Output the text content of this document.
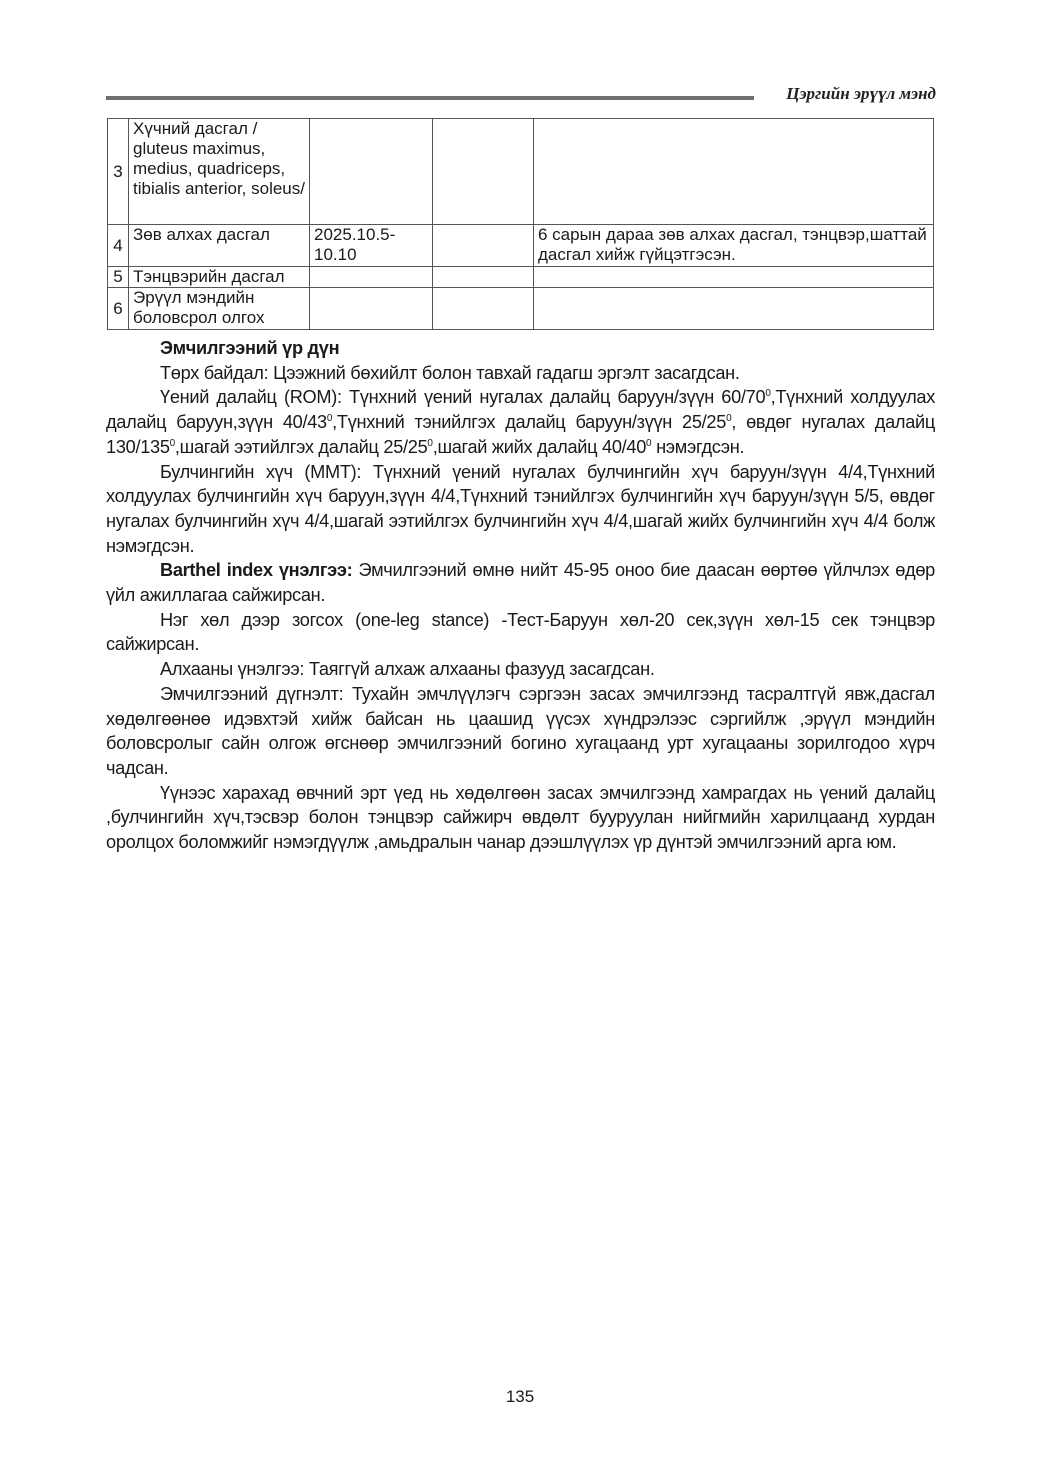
Цэргийн эрүүл мэнд
3	Хүчний дасгал / gluteus maximus, medius, quadriceps, tibialis anterior, soleus/			
4	Зөв алхах дасгал	2025.10.5-10.10		6 сарын дараа зөв алхах дасгал, тэнцвэр,шаттай дасгал хийж гүйцэтгэсэн.
5	Тэнцвэрийн дасгал			
6	Эрүүл мэндийн боловсрол олгох			

Эмчилгээний үр дүн

Төрх байдал: Цээжний бөхийлт болон тавхай гадагш эргэлт засагдсан.

Үений далайц (ROM): Түнхний үений нугалах далайц баруун/зүүн $60/70^0,Түнхний$ холдуулах далайц баруун,зүүн $40/43^0,Түнхний$ тэнийлгэх далайц баруун/зүүн $25/25^0$, өвдөг нугалах далайц $130/135^0,шагай$ ээтийлгэх далайц $25/25^0,шагай$ жийх далайц $40/40^0$ нэмэгдсэн.

Булчингийн хүч (ММТ): Түнхний үений нугалах булчингийн хүч баруун/зүүн 4/4,Түнхний холдуулах булчингийн хүч баруун,зүүн 4/4,Түнхний тэнийлгэх булчингийн хүч баруун/зүүн 5/5, өвдөг нугалах булчингийн хүч 4/4,шагай ээтийлгэх булчингийн хүч 4/4,шагай жийх булчингийн хүч 4/4 болж нэмэгдсэн.

Barthel index үнэлгээ: Эмчилгээний өмнө нийт 45-95 оноо бие даасан өөртөө үйлчлэх өдөр үйл ажиллагаа сайжирсан.

Нэг хөл дээр зогсох (one-leg stance) -Тест-Баруун хөл-20 сек,зүүн хөл-15 сек тэнцвэр сайжирсан.

Алхааны үнэлгээ: Таяггүй алхаж алхааны фазууд засагдсан.

Эмчилгээний дүгнэлт: Тухайн эмчлүүлэгч сэргээн засах эмчилгээнд тасралтгүй явж,дасгал хөдөлгөөнөө идэвхтэй хийж байсан нь цаашид үүсэх хүндрэлээс сэргийлж ,эрүүл мэндийн боловсролыг сайн олгож өгснөөр эмчилгээний богино хугацаанд урт хугацааны зорилгодоо хүрч чадсан.

Үүнээс харахад өвчний эрт үед нь хөдөлгөөн засах эмчилгээнд хамрагдах нь үений далайц ,булчингийн хүч,тэсвэр болон тэнцвэр сайжирч өвдөлт бууруулан нийгмийн харилцаанд хурдан оролцох боломжийг нэмэгдүүлж ,амьдралын чанар дээшлүүлэх үр дүнтэй эмчилгээний арга юм.

135
